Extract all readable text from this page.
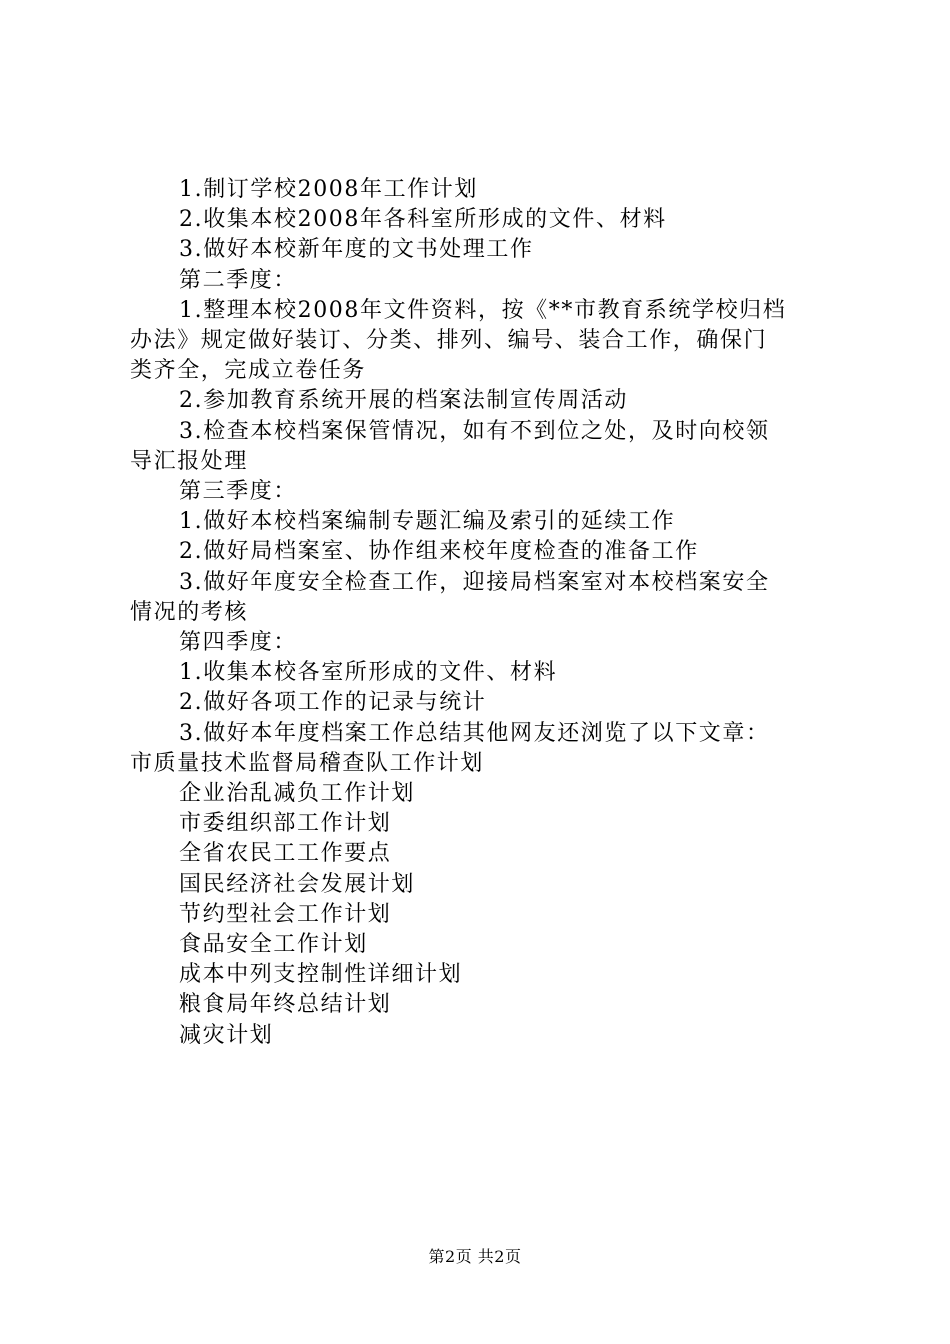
1.制订学校2008年工作计划
2.收集本校2008年各科室所形成的文件、材料
3.做好本校新年度的文书处理工作
第二季度：
1.整理本校2008年文件资料，按《**市教育系统学校归档
办法》规定做好装订、分类、排列、编号、装合工作，确保门
类齐全，完成立卷任务
2.参加教育系统开展的档案法制宣传周活动
3.检查本校档案保管情况，如有不到位之处，及时向校领
导汇报处理
第三季度：
1.做好本校档案编制专题汇编及索引的延续工作
2.做好局档案室、协作组来校年度检查的准备工作
3.做好年度安全检查工作，迎接局档案室对本校档案安全
情况的考核
第四季度：
1.收集本校各室所形成的文件、材料
2.做好各项工作的记录与统计
3.做好本年度档案工作总结其他网友还浏览了以下文章：
市质量技术监督局稽查队工作计划
企业治乱减负工作计划
市委组织部工作计划
全省农民工工作要点
国民经济社会发展计划
节约型社会工作计划
食品安全工作计划
成本中列支控制性详细计划
粮食局年终总结计划
减灾计划
第2页 共2页
